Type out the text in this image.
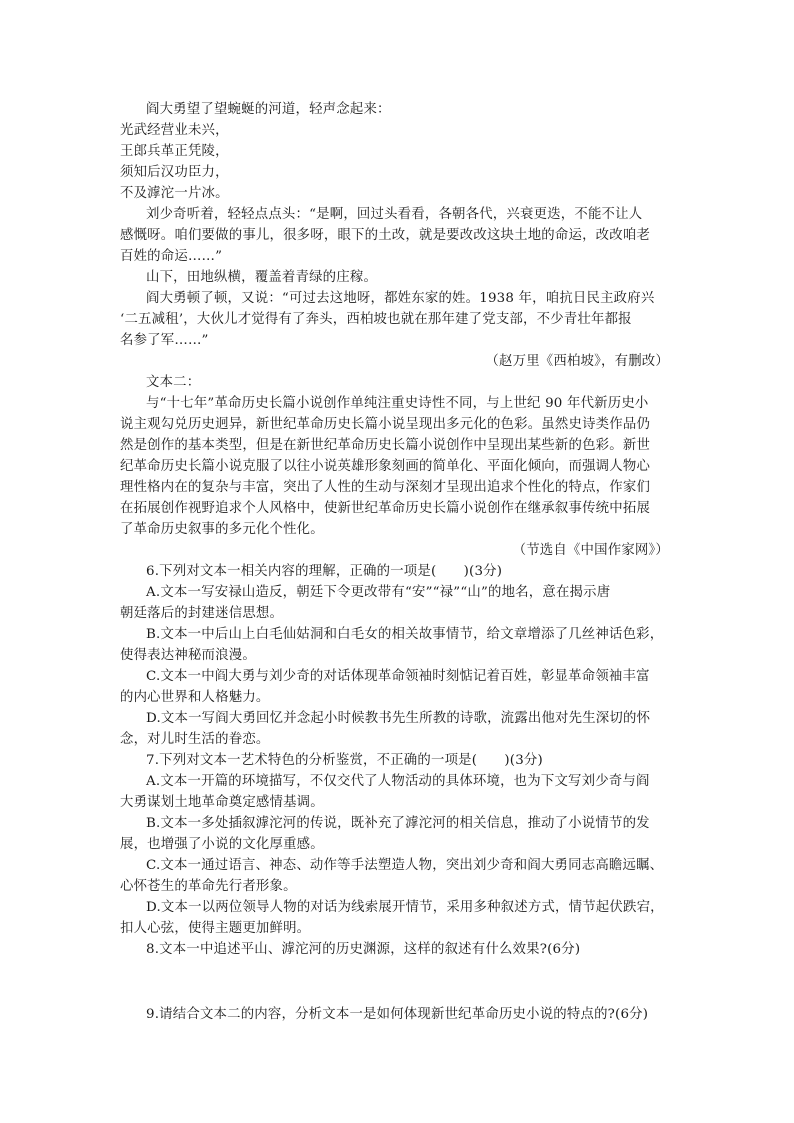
阎大勇望了望蜿蜒的河道，轻声念起来：
光武经营业未兴，
王郎兵革正凭陵，
须知后汉功臣力，
不及滹沱一片冰。
刘少奇听着，轻轻点点头：“是啊，回过头看看，各朝各代，兴衰更迭，不能不让人
感慨呀。咱们要做的事儿，很多呀，眼下的土改，就是要改改这块土地的命运，改改咱老
百姓的命运……”
山下，田地纵横，覆盖着青绿的庄稼。
阎大勇顿了顿，又说：“可过去这地呀，都姓东家的姓。1938 年，咱抗日民主政府兴
‘二五减租’，大伙儿才觉得有了奔头，西柏坡也就在那年建了党支部，不少青壮年都报
名参了军……”
（赵万里《西柏坡》，有删改）
文本二：
与“十七年”革命历史长篇小说创作单纯注重史诗性不同，与上世纪 90 年代新历史小
说主观勾兑历史迥异，新世纪革命历史长篇小说呈现出多元化的色彩。虽然史诗类作品仍
然是创作的基本类型，但是在新世纪革命历史长篇小说创作中呈现出某些新的色彩。新世
纪革命历史长篇小说克服了以往小说英雄形象刻画的简单化、平面化倾向，而强调人物心
理性格内在的复杂与丰富，突出了人性的生动与深刻才呈现出追求个性化的特点，作家们
在拓展创作视野追求个人风格中，使新世纪革命历史长篇小说创作在继承叙事传统中拓展
了革命历史叙事的多元化个性化。
（节选自《中国作家网》）
6.下列对文本一相关内容的理解，正确的一项是(　　)(3分)
A.文本一写安禄山造反，朝廷下令更改带有“安”“禄”“山”的地名，意在揭示唐
朝廷落后的封建迷信思想。
B.文本一中后山上白毛仙姑洞和白毛女的相关故事情节，给文章增添了几丝神话色彩，
使得表达神秘而浪漫。
C.文本一中阎大勇与刘少奇的对话体现革命领袖时刻惦记着百姓，彰显革命领袖丰富
的内心世界和人格魅力。
D.文本一写阎大勇回忆并念起小时候教书先生所教的诗歌，流露出他对先生深切的怀
念，对儿时生活的眷恋。
7.下列对文本一艺术特色的分析鉴赏，不正确的一项是(　　)(3分)
A.文本一开篇的环境描写，不仅交代了人物活动的具体环境，也为下文写刘少奇与阎
大勇谋划土地革命奠定感情基调。
B.文本一多处插叙滹沱河的传说，既补充了滹沱河的相关信息，推动了小说情节的发
展，也增强了小说的文化厚重感。
C.文本一通过语言、神态、动作等手法塑造人物，突出刘少奇和阎大勇同志高瞻远瞩、
心怀苍生的革命先行者形象。
D.文本一以两位领导人物的对话为线索展开情节，采用多种叙述方式，情节起伏跌宕，
扣人心弦，使得主题更加鲜明。
8.文本一中追述平山、滹沱河的历史渊源，这样的叙述有什么效果?(6分)
9.请结合文本二的内容，分析文本一是如何体现新世纪革命历史小说的特点的?(6分)
